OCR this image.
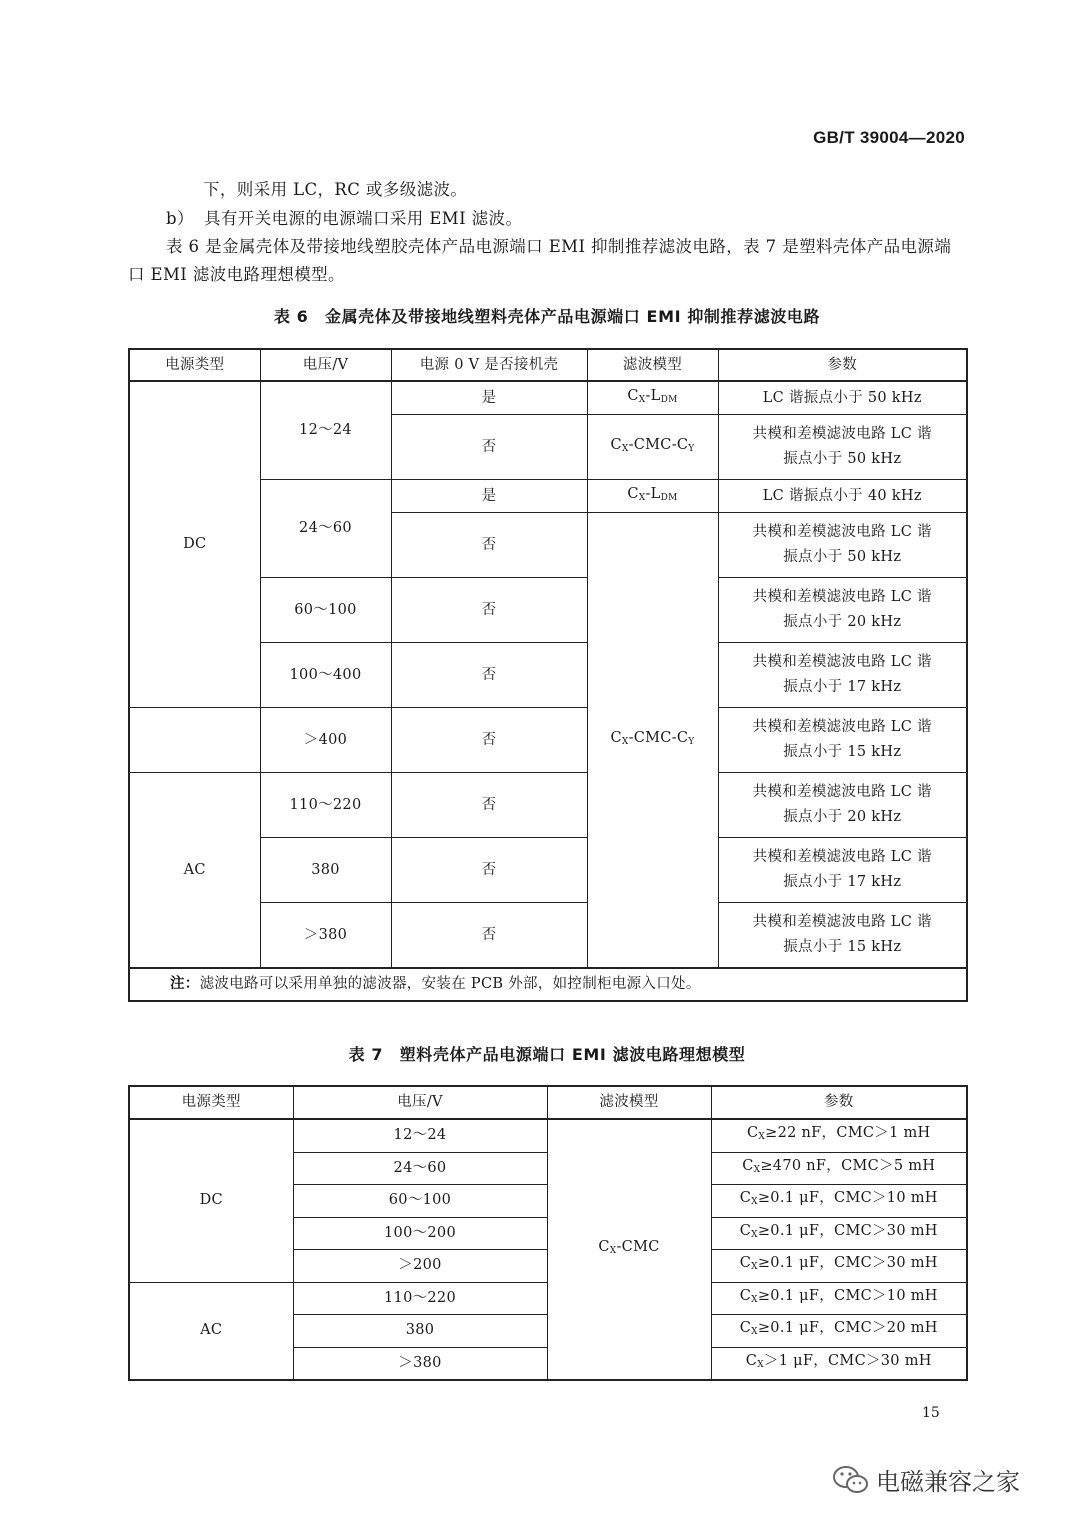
GB/T 39004—2020
下，则采用 LC，RC 或多级滤波。
b） 具有开关电源的电源端口采用 EMI 滤波。
表 6 是金属壳体及带接地线塑胶壳体产品电源端口 EMI 抑制推荐滤波电路，表 7 是塑料壳体产品电源端口 EMI 滤波电路理想模型。
表 6　金属壳体及带接地线塑料壳体产品电源端口 EMI 抑制推荐滤波电路
电源类型	电压/V	电源 0 V 是否接机壳	滤波模型	参数
DC	12～24	是	$C_X-L_{DM}$	LC 谐振点小于 50 kHz
		否	$C_X-CMC-C_Y$	共模和差模滤波电路 LC 谐
振点小于 50 kHz

	24～60	是	$C_X-L_{DM}$	LC 谐振点小于 40 kHz
		否	$C_X-CMC-C_Y$	共模和差模滤波电路 LC 谐
振点小于 50 kHz

	60～100	否		共模和差模滤波电路 LC 谐
振点小于 20 kHz

	100～400	否		共模和差模滤波电路 LC 谐
振点小于 17 kHz

	＞400	否		共模和差模滤波电路 LC 谐
振点小于 15 kHz

AC	110～220	否		共模和差模滤波电路 LC 谐
振点小于 20 kHz

	380	否		共模和差模滤波电路 LC 谐
振点小于 17 kHz

	＞380	否		共模和差模滤波电路 LC 谐
振点小于 15 kHz

注：滤波电路可以采用单独的滤波器，安装在 PCB 外部，如控制柜电源入口处。				
表 7　塑料壳体产品电源端口 EMI 滤波电路理想模型
电源类型	电压/V	滤波模型	参数
DC	12～24	$C_X$-CMC	$C_X\ge 22$ nF，CMC＞1 mH
	24～60		$C_X\ge 470$ nF，CMC＞5 mH
	60～100		$C_X\ge 0.1$ μF，CMC＞10 mH
	100～200		$C_X\ge 0.1$ μF，CMC＞30 mH
	＞200		$C_X\ge 0.1$ μF，CMC＞30 mH
AC	110～220		$C_X\ge 0.1$ μF，CMC＞10 mH
	380		$C_X\ge 0.1$ μF，CMC＞20 mH
	＞380		$C_X>1$ μF，CMC＞30 mH
15
电磁兼容之家
